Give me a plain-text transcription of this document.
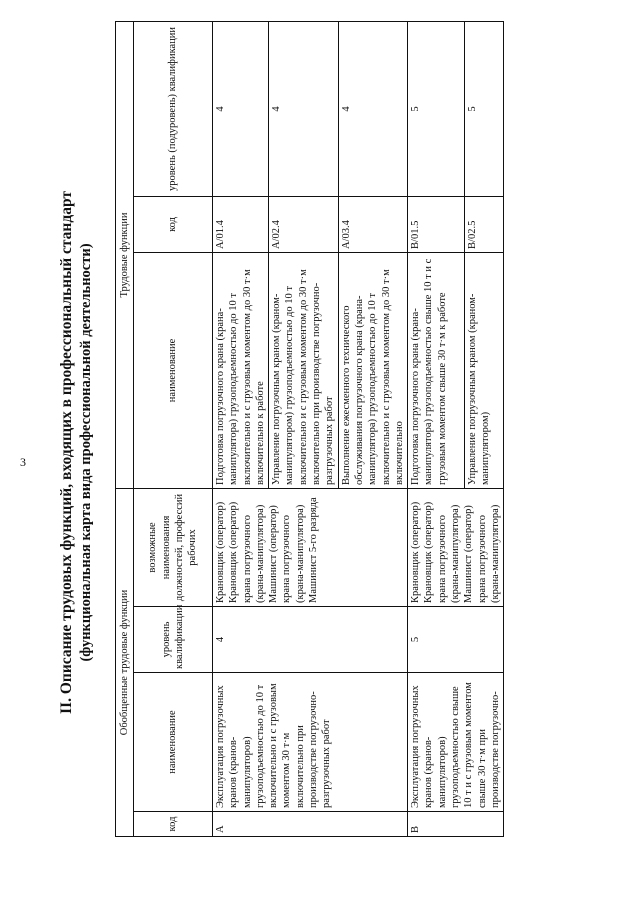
3 II. Описание трудовых функций, входящих в профессиональный стандарт (функциональная карта вида профессиональной деятельности)
Обобщенные трудовые функции				Трудовые функции		
код	наименование	уровень квалификации	возможные наименования должностей, профессий рабочих	наименование	код	уровень (подуровень) квалификации
A	Эксплуатация погрузочных кранов (кранов-манипуляторов) грузоподъемностью до 10 т включительно и с грузовым моментом 30 т·м включительно при производстве погрузочно-разгрузочных работ	4	Крановщик (оператор) Крановщик (оператор) крана погрузочного (крана-манипулятора) Машинист (оператор) крана погрузочного (крана-манипулятора) Машинист 5-го разряда	Подготовка погрузочного крана (крана-манипулятора) грузоподъемностью до 10 т включительно и с грузовым моментом до 30 т·м включительно к работе	A/01.4	4
				Управление погрузочным краном (краном-манипулятором) грузоподъемностью до 10 т включительно и с грузовым моментом до 30 т·м включительно при производстве погрузочно-разгрузочных работ	A/02.4	4
				Выполнение ежесменного технического обслуживания погрузочного крана (крана-манипулятора) грузоподъемностью до 10 т включительно и с грузовым моментом до 30 т·м включительно	A/03.4	4
B	Эксплуатация погрузочных кранов (кранов-манипуляторов) грузоподъемностью свыше 10 т и с грузовым моментом свыше 30 т·м при производстве погрузочно-	5	Крановщик (оператор) Крановщик (оператор) крана погрузочного (крана-манипулятора) Машинист (оператор) крана погрузочного (крана-манипулятора)	Подготовка погрузочного крана (крана-манипулятора) грузоподъемностью свыше 10 т и с грузовым моментом свыше 30 т·м к работе	B/01.5	5
				Управление погрузочным краном (краном-манипулятором)	B/02.5	5
